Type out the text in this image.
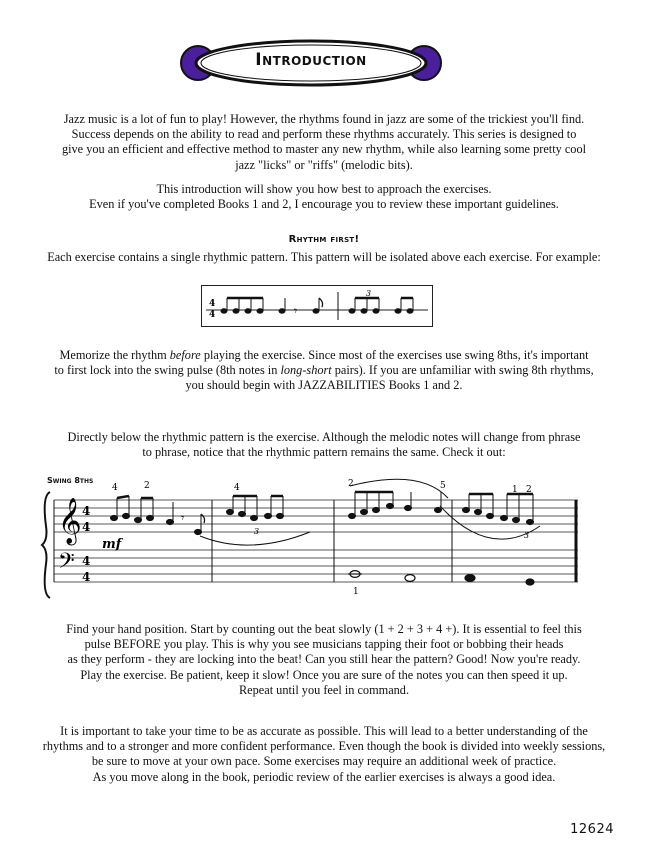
Introduction

Jazz music is a lot of fun to play! However, the rhythms found in jazz are some of the trickiest you'll find.
Success depends on the ability to read and perform these rhythms accurately. This series is designed to
give you an efficient and effective method to master any new rhythm, while also learning some pretty cool
jazz "licks" or "riffs" (melodic bits).

This introduction will show you how best to approach the exercises.
Even if you've completed Books 1 and 2, I encourage you to review these important guidelines.

Rhythm first!

Each exercise contains a single rhythmic pattern. This pattern will be isolated above each exercise. For example:

4
4	𝄾
3

Memorize the rhythm before playing the exercise. Since most of the exercises use swing 8ths, it's important
to first lock into the swing pulse (8th notes in long-short pairs). If you are unfamiliar with swing 8th rhythms,
you should begin with JAZZABILITIES Books 1 and 2.

Directly below the rhythmic pattern is the exercise. Although the melodic notes will change from phrase
to phrase, notice that the rhythmic pattern remains the same. Check it out:

Swing 8ths
𝄞
𝄢
4
4
4
4
mf
4	2	4	2	5	1 2
1
3	3
𝄾

Find your hand position. Start by counting out the beat slowly (1 + 2 + 3 + 4 +). It is essential to feel this
pulse BEFORE you play. This is why you see musicians tapping their foot or bobbing their heads
as they perform - they are locking into the beat! Can you still hear the pattern? Good! Now you're ready.
Play the exercise. Be patient, keep it slow! Once you are sure of the notes you can then speed it up.
Repeat until you feel in command.

It is important to take your time to be as accurate as possible. This will lead to a better understanding of the
rhythms and to a stronger and more confident performance. Even though the book is divided into weekly sessions,
be sure to move at your own pace. Some exercises may require an additional week of practice.
As you move along in the book, periodic review of the earlier exercises is always a good idea.

12624
